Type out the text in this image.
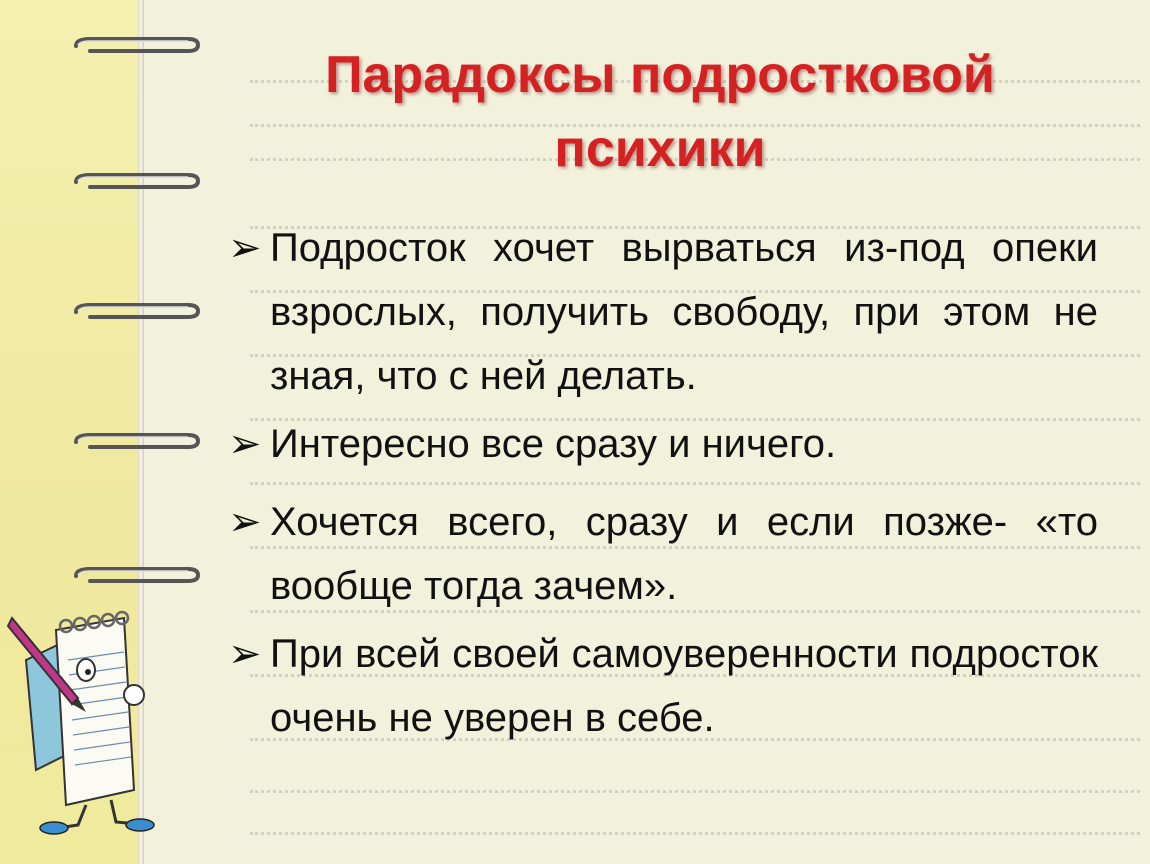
Парадоксы подростковой
психики
➢ Подросток хочет вырваться из-под опеки взрослых, получить свободу, при этом не зная, что с ней делать.
➢ Интересно все сразу и ничего.
➢ Хочется всего, сразу и если позже- «то вообще тогда зачем».
➢ При всей своей самоуверенности подросток очень не уверен в себе.
